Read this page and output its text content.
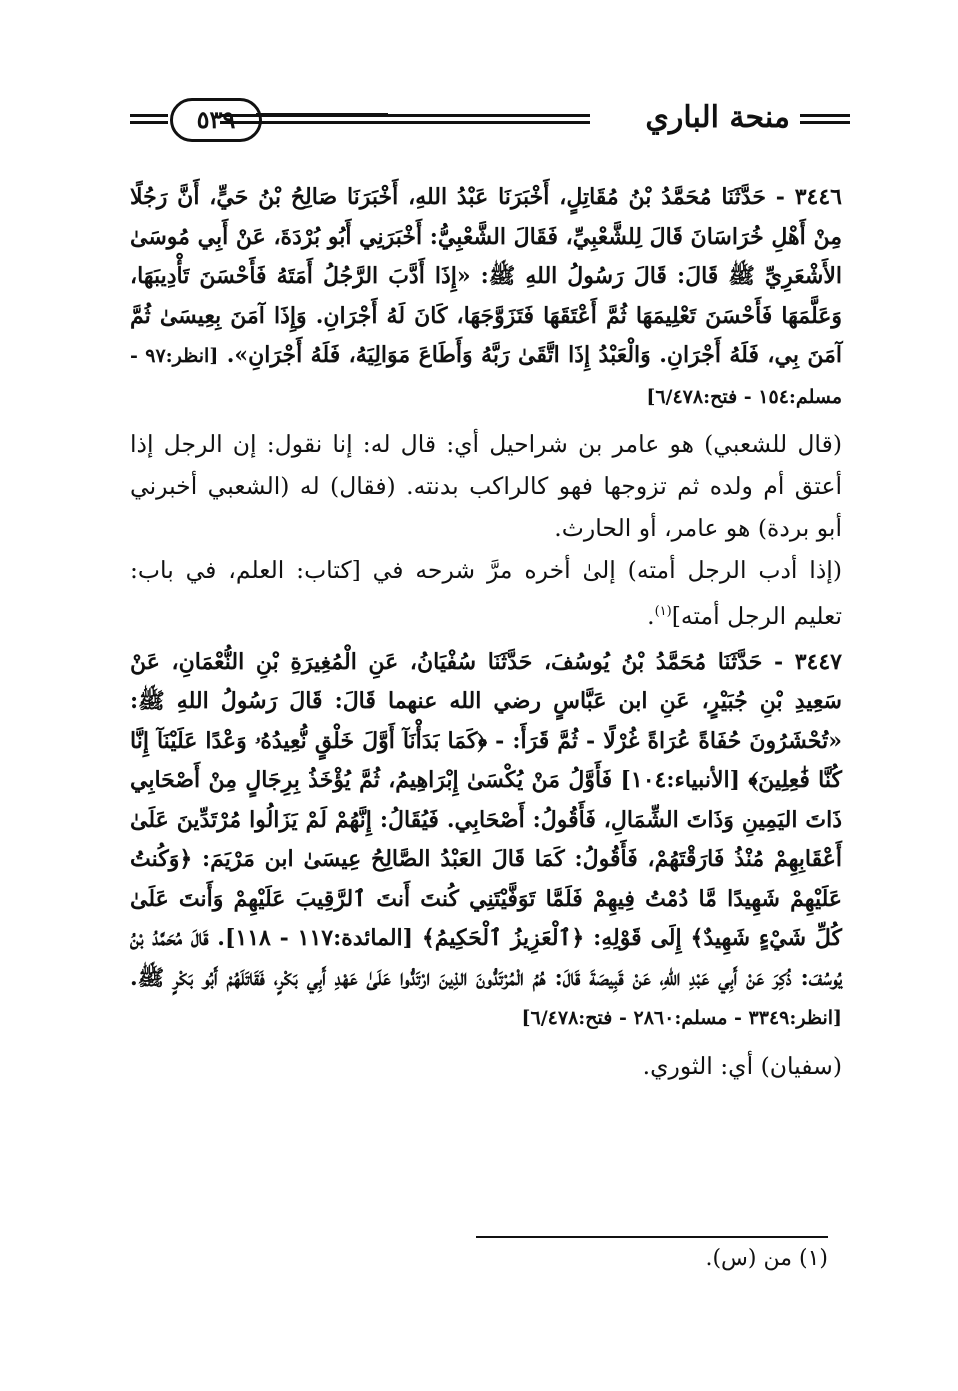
منحة الباري
٥٣٩

٣٤٤٦ - حَدَّثَنَا مُحَمَّدُ بْنُ مُقَاتِلٍ، أَخْبَرَنَا عَبْدُ اللهِ، أَخْبَرَنَا صَالِحُ بْنُ حَيٍّ، أَنَّ رَجُلًا مِنْ أَهْلِ خُرَاسَانَ قَالَ لِلشَّعْبِيِّ، فَقَالَ الشَّعْبِيُّ: أَخْبَرَنِي أَبُو بُرْدَةَ، عَنْ أَبِي مُوسَىٰ الأَشْعَرِيِّ ﷺ قَالَ: قَالَ رَسُولُ اللهِ ﷺ: «إِذَا أَدَّبَ الرَّجُلُ أَمَتَهُ فَأَحْسَنَ تَأْدِيبَهَا، وَعَلَّمَهَا فَأَحْسَنَ تَعْلِيمَهَا ثُمَّ أَعْتَقَهَا فَتَزَوَّجَهَا، كَانَ لَهُ أَجْرَانِ. وَإِذَا آمَنَ بِعِيسَىٰ ثُمَّ آمَنَ بِي، فَلَهُ أَجْرَانِ. وَالْعَبْدُ إِذَا اتَّقَىٰ رَبَّهُ وَأَطَاعَ مَوَالِيَهُ، فَلَهُ أَجْرَانِ». [انظر:٩٧ - مسلم:١٥٤ - فتح:٦/٤٧٨]

(قال للشعبي) هو عامر بن شراحيل أي: قال له: إنا نقول: إن الرجل إذا أعتق أم ولده ثم تزوجها فهو كالراكب بدنته. (فقال) له (الشعبي أخبرني أبو بردة) هو عامر، أو الحارث.

(إذا أدب الرجل أمته) إلىٰ أخره مرَّ شرحه في [كتاب: العلم، في باب: تعليم الرجل أمته]$^{(١)}$.

٣٤٤٧ - حَدَّثَنَا مُحَمَّدُ بْنُ يُوسُفَ، حَدَّثَنَا سُفْيَانُ، عَنِ الْمُغِيرَةِ بْنِ النُّعْمَانِ، عَنْ سَعِيدِ بْنِ جُبَيْرٍ، عَنِ ابن عَبَّاسٍ رضي الله عنهما قَالَ: قَالَ رَسُولُ اللهِ ﷺ: «تُحْشَرُونَ حُفَاةً عُرَاةً غُرْلًا - ثُمَّ قَرَأَ: - ﴿كَمَا بَدَأْنَآ أَوَّلَ خَلْقٍ نُّعِيدُهُۥ وَعْدًا عَلَيْنَآ إِنَّا كُنَّا فَٰعِلِينَ﴾ [الأنبياء:١٠٤] فَأَوَّلُ مَنْ يُكْسَىٰ إِبْرَاهِيمُ، ثُمَّ يُؤْخَذُ بِرِجَالٍ مِنْ أَصْحَابِي ذَاتَ اليَمِينِ وَذَاتَ الشِّمَالِ، فَأَقُولُ: أَصْحَابِي. فَيُقَالُ: إِنَّهُمْ لَمْ يَزَالُوا مُرْتَدِّينَ عَلَىٰ أَعْقَابِهِمْ مُنْذُ فَارَقْتَهُمْ، فَأَقُولُ: كَمَا قَالَ العَبْدُ الصَّالِحُ عِيسَىٰ ابن مَرْيَمَ: ﴿وَكُنتُ عَلَيْهِمْ شَهِيدًا مَّا دُمْتُ فِيهِمْ فَلَمَّا تَوَفَّيْتَنِي كُنتَ أَنتَ ٱلرَّقِيبَ عَلَيْهِمْ وَأَنتَ عَلَىٰ كُلِّ شَيْءٍ شَهِيدٌ﴾ إِلَى قَوْلِهِ: ﴿ٱلْعَزِيزُ ٱلْحَكِيمُ﴾ [المائدة:١١٧ - ١١٨]. قَالَ مُحَمَّدُ بْنُ يُوسُفَ: ذُكِرَ عَنْ أَبِي عَبْدِ اللهِ، عَنْ قَبِيصَةَ قَالَ: هُمُ الْمُرْتَدُّونَ الذِينَ ارْتَدُّوا عَلَىٰ عَهْدِ أَبِي بَكْرٍ، فَقَاتَلَهُمْ أَبُو بَكْرٍ ﷺ. [انظر:٣٣٤٩ - مسلم:٢٨٦٠ - فتح:٦/٤٧٨]

(سفيان) أي: الثوري.

(١) من (س).
